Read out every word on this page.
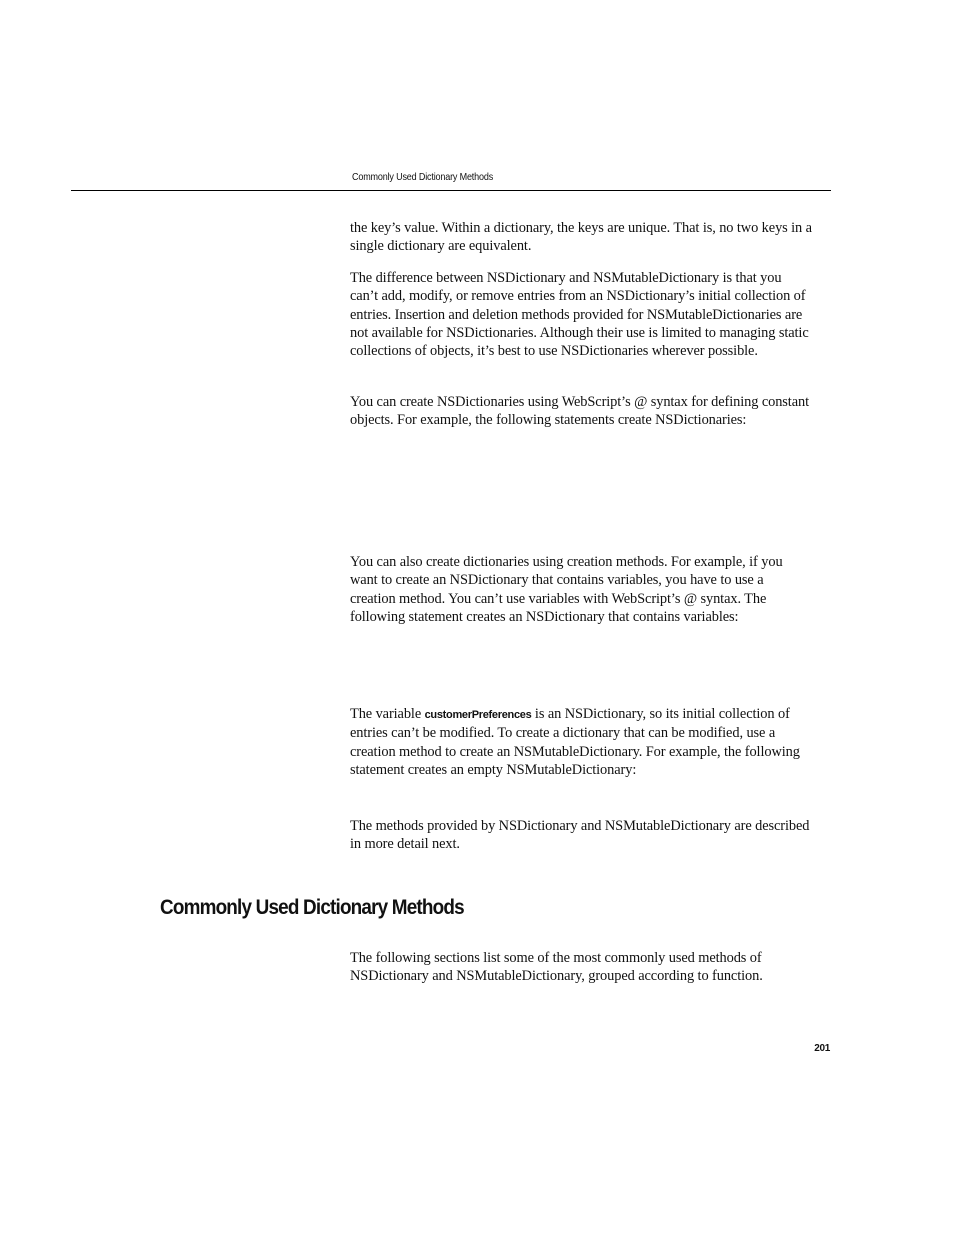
Commonly Used Dictionary Methods

the key’s value. Within a dictionary, the keys are unique. That is, no two keys in a single dictionary are equivalent.

The difference between NSDictionary and NSMutableDictionary is that you can’t add, modify, or remove entries from an NSDictionary’s initial collection of entries. Insertion and deletion methods provided for NSMutableDictionaries are not available for NSDictionaries. Although their use is limited to managing static collections of objects, it’s best to use NSDictionaries wherever possible.

You can create NSDictionaries using WebScript’s @ syntax for defining constant objects. For example, the following statements create NSDictionaries:

You can also create dictionaries using creation methods. For example, if you want to create an NSDictionary that contains variables, you have to use a creation method. You can’t use variables with WebScript’s @ syntax. The following statement creates an NSDictionary that contains variables:

The variable customerPreferences is an NSDictionary, so its initial collection of entries can’t be modified. To create a dictionary that can be modified, use a creation method to create an NSMutableDictionary. For example, the following statement creates an empty NSMutableDictionary:

The methods provided by NSDictionary and NSMutableDictionary are described in more detail next.

Commonly Used Dictionary Methods

The following sections list some of the most commonly used methods of NSDictionary and NSMutableDictionary, grouped according to function.

201
